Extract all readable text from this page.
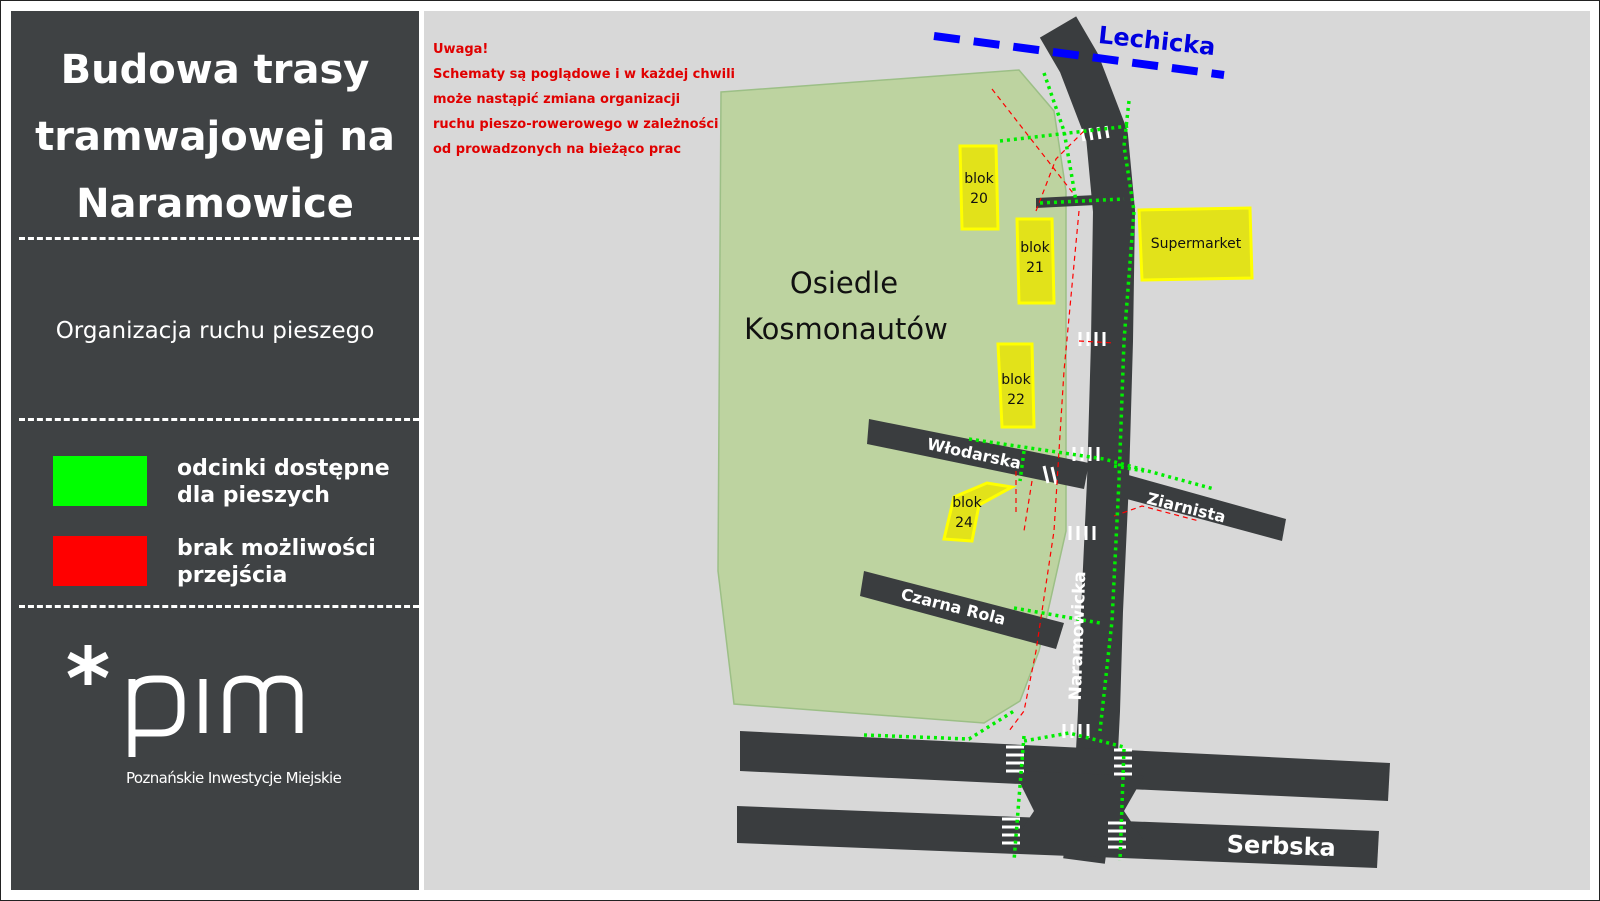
Budowa trasy
tramwajowej na
Naramowice
Organizacja ruchu pieszego
odcinki dostępne
dla pieszych
brak możliwości
przejścia
Poznańskie Inwestycje Miejskie
blok
20
blok
21
blok
22
blok
24
Supermarket
Osiedle
Kosmonautów
Lechicka
Włodarska
Ziarnista
Czarna Rola	Naramowicka
Serbska
Uwaga!
Schematy są poglądowe i w każdej chwili
może nastąpić zmiana organizacji
ruchu pieszo-rowerowego w zależności
od prowadzonych na bieżąco prac
